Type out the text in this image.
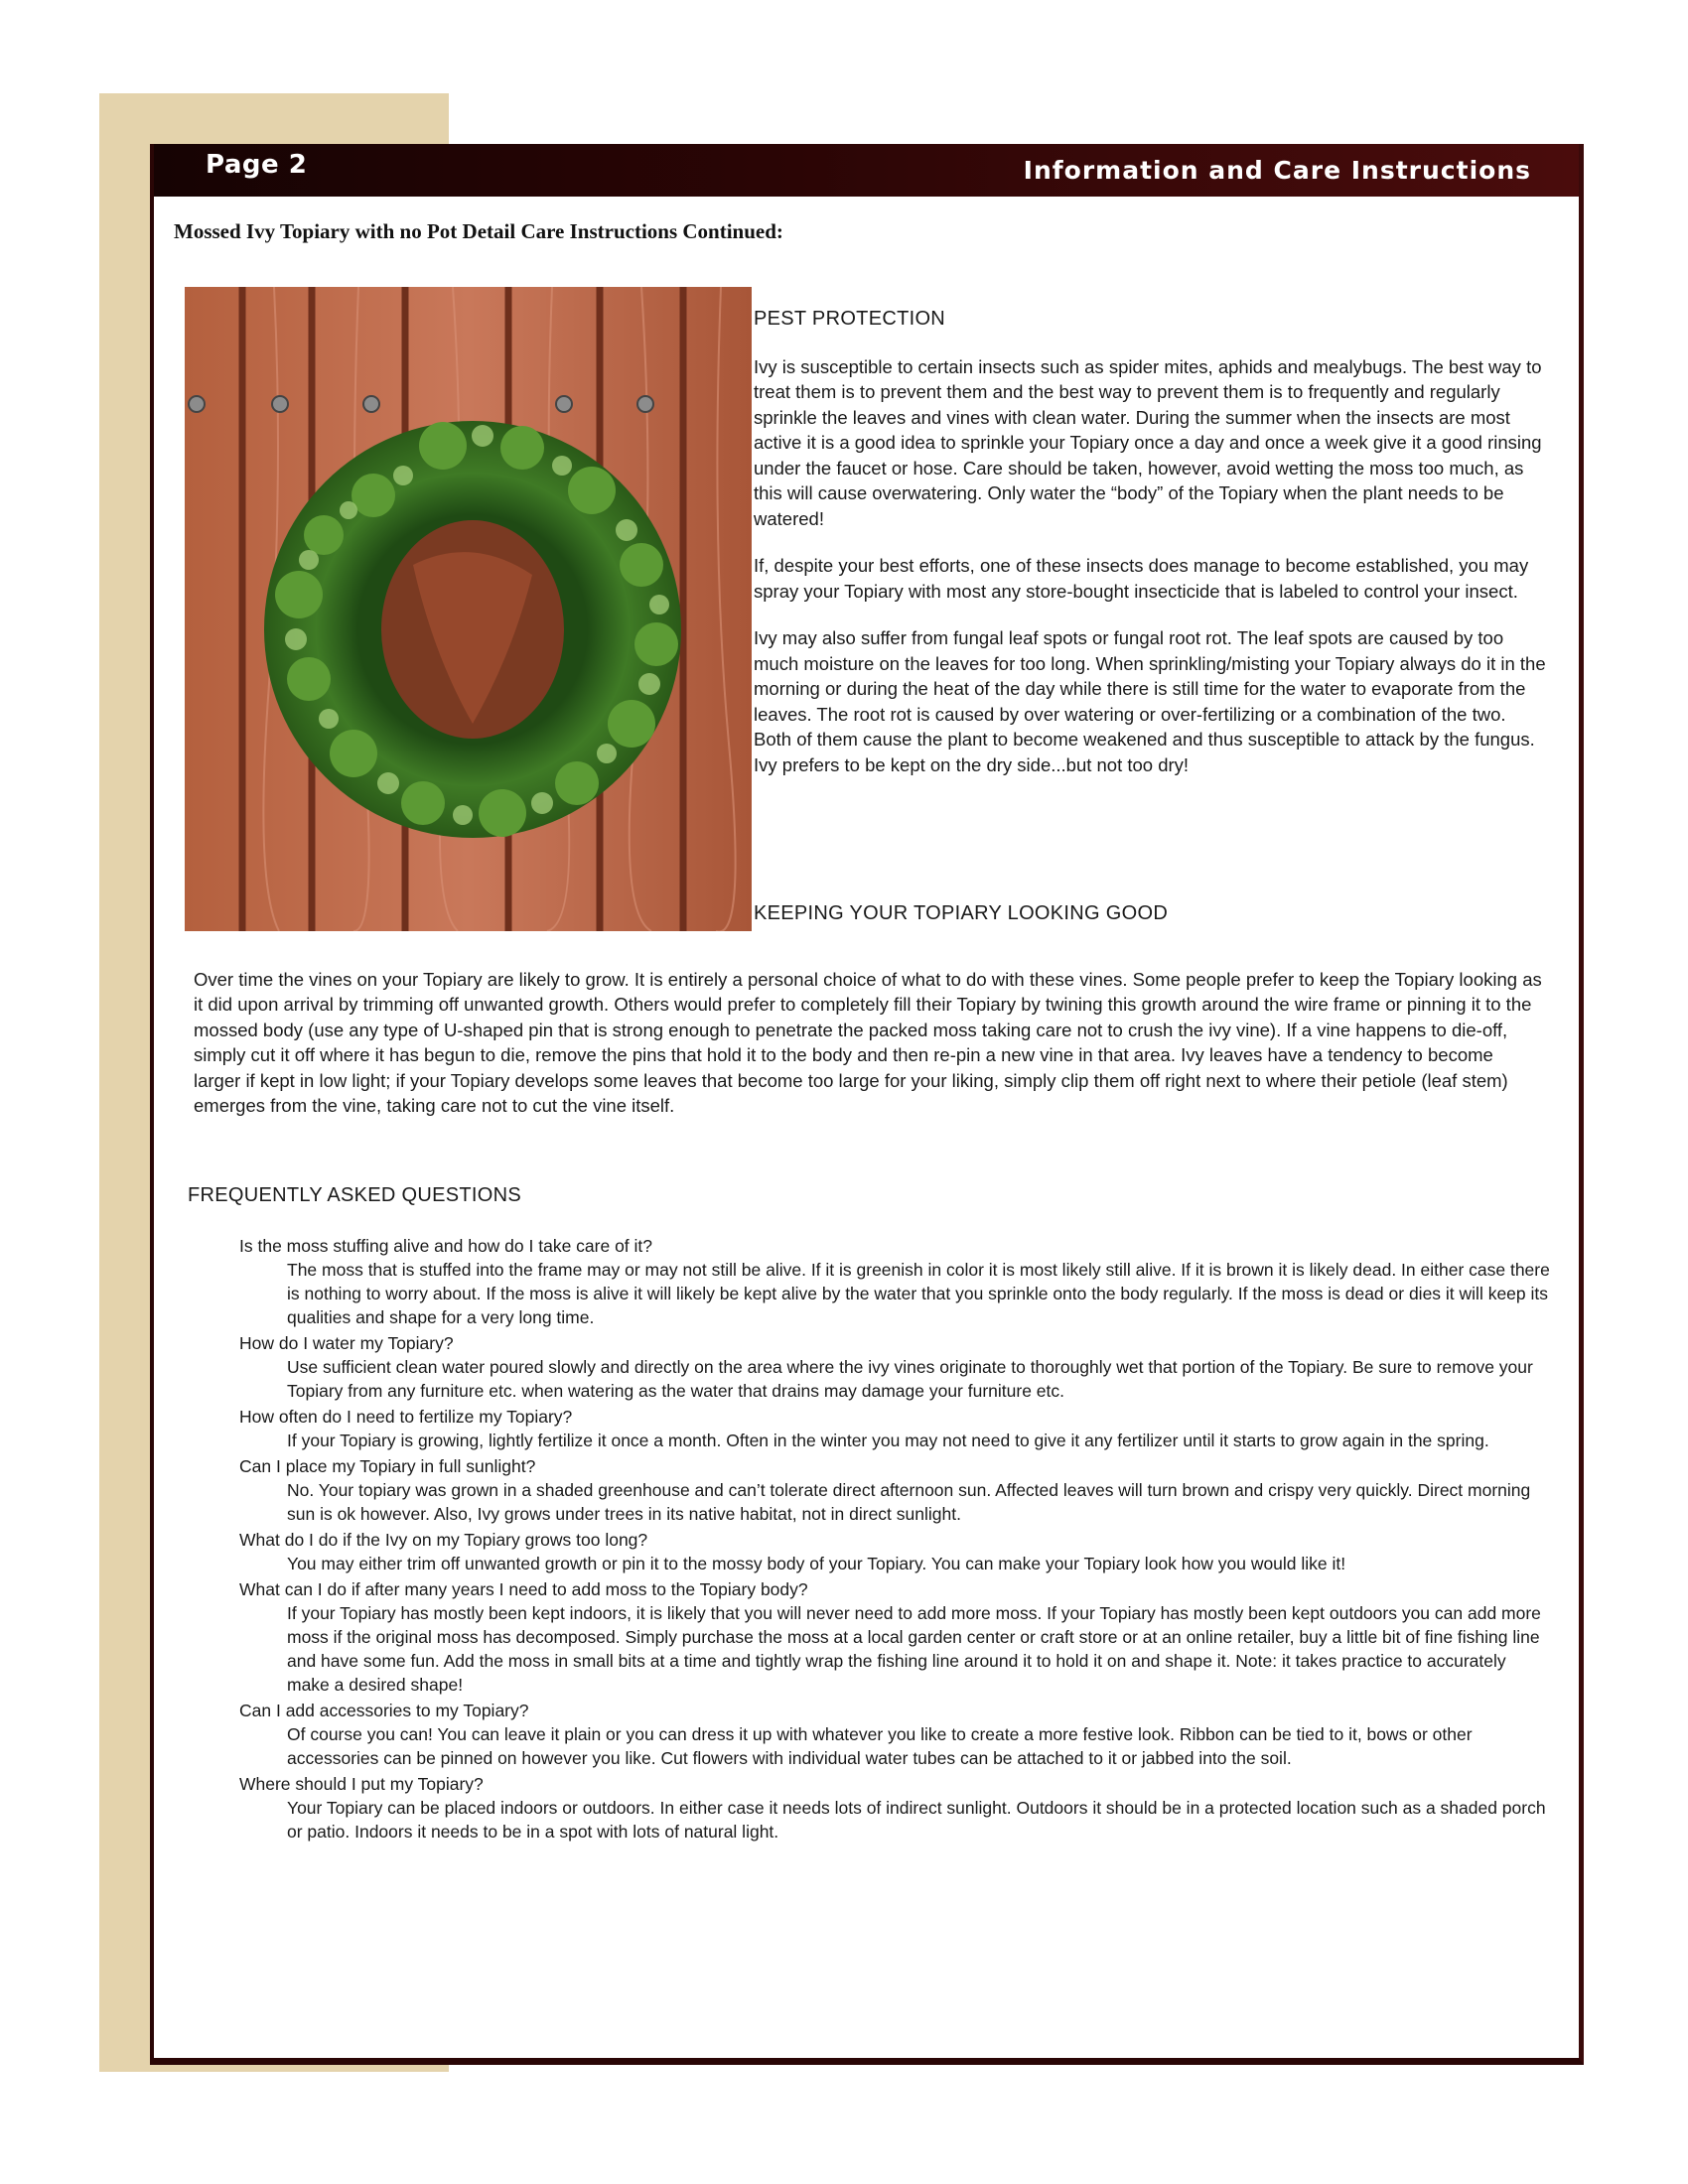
Page 2	Information and Care Instructions
Mossed Ivy Topiary with no Pot Detail Care Instructions Continued:
PEST PROTECTION

Ivy is susceptible to certain insects such as spider mites, aphids and mealybugs. The best way to treat them is to prevent them and the best way to prevent them is to frequently and regularly sprinkle the leaves and vines with clean water. During the summer when the insects are most active it is a good idea to sprinkle your Topiary once a day and once a week give it a good rinsing under the faucet or hose. Care should be taken, however, avoid wetting the moss too much, as this will cause overwatering. Only water the “body” of the Topiary when the plant needs to be watered!

If, despite your best efforts, one of these insects does manage to become established, you may spray your Topiary with most any store-bought insecticide that is labeled to control your insect.

Ivy may also suffer from fungal leaf spots or fungal root rot. The leaf spots are caused by too much moisture on the leaves for too long. When sprinkling/misting your Topiary always do it in the morning or during the heat of the day while there is still time for the water to evaporate from the leaves. The root rot is caused by over watering or over-fertilizing or a combination of the two. Both of them cause the plant to become weakened and thus susceptible to attack by the fungus. Ivy prefers to be kept on the dry side...but not too dry!

KEEPING YOUR TOPIARY LOOKING GOOD

Over time the vines on your Topiary are likely to grow. It is entirely a personal choice of what to do with these vines. Some people prefer to keep the Topiary looking as it did upon arrival by trimming off unwanted growth. Others would prefer to completely fill their Topiary by twining this growth around the wire frame or pinning it to the mossed body (use any type of U-shaped pin that is strong enough to penetrate the packed moss taking care not to crush the ivy vine). If a vine happens to die-off, simply cut it off where it has begun to die, remove the pins that hold it to the body and then re-pin a new vine in that area. Ivy leaves have a tendency to become larger if kept in low light; if your Topiary develops some leaves that become too large for your liking, simply clip them off right next to where their petiole (leaf stem) emerges from the vine, taking care not to cut the vine itself.

FREQUENTLY ASKED QUESTIONS

Is the moss stuffing alive and how do I take care of it?

The moss that is stuffed into the frame may or may not still be alive. If it is greenish in color it is most likely still alive. If it is brown it is likely dead. In either case there is nothing to worry about. If the moss is alive it will likely be kept alive by the water that you sprinkle onto the body regularly. If the moss is dead or dies it will keep its qualities and shape for a very long time.

How do I water my Topiary?

Use sufficient clean water poured slowly and directly on the area where the ivy vines originate to thoroughly wet that portion of the Topiary. Be sure to remove your Topiary from any furniture etc. when watering as the water that drains may damage your furniture etc.

How often do I need to fertilize my Topiary?

If your Topiary is growing, lightly fertilize it once a month. Often in the winter you may not need to give it any fertilizer until it starts to grow again in the spring.

Can I place my Topiary in full sunlight?

No. Your topiary was grown in a shaded greenhouse and can’t tolerate direct afternoon sun. Affected leaves will turn brown and crispy very quickly. Direct morning sun is ok however. Also, Ivy grows under trees in its native habitat, not in direct sunlight.

What do I do if the Ivy on my Topiary grows too long?

You may either trim off unwanted growth or pin it to the mossy body of your Topiary. You can make your Topiary look how you would like it!

What can I do if after many years I need to add moss to the Topiary body?

If your Topiary has mostly been kept indoors, it is likely that you will never need to add more moss. If your Topiary has mostly been kept outdoors you can add more moss if the original moss has decomposed. Simply purchase the moss at a local garden center or craft store or at an online retailer, buy a little bit of fine fishing line and have some fun. Add the moss in small bits at a time and tightly wrap the fishing line around it to hold it on and shape it. Note: it takes practice to accurately make a desired shape!

Can I add accessories to my Topiary?

Of course you can! You can leave it plain or you can dress it up with whatever you like to create a more festive look. Ribbon can be tied to it, bows or other accessories can be pinned on however you like. Cut flowers with individual water tubes can be attached to it or jabbed into the soil.

Where should I put my Topiary?

Your Topiary can be placed indoors or outdoors. In either case it needs lots of indirect sunlight. Outdoors it should be in a protected location such as a shaded porch or patio. Indoors it needs to be in a spot with lots of natural light.
